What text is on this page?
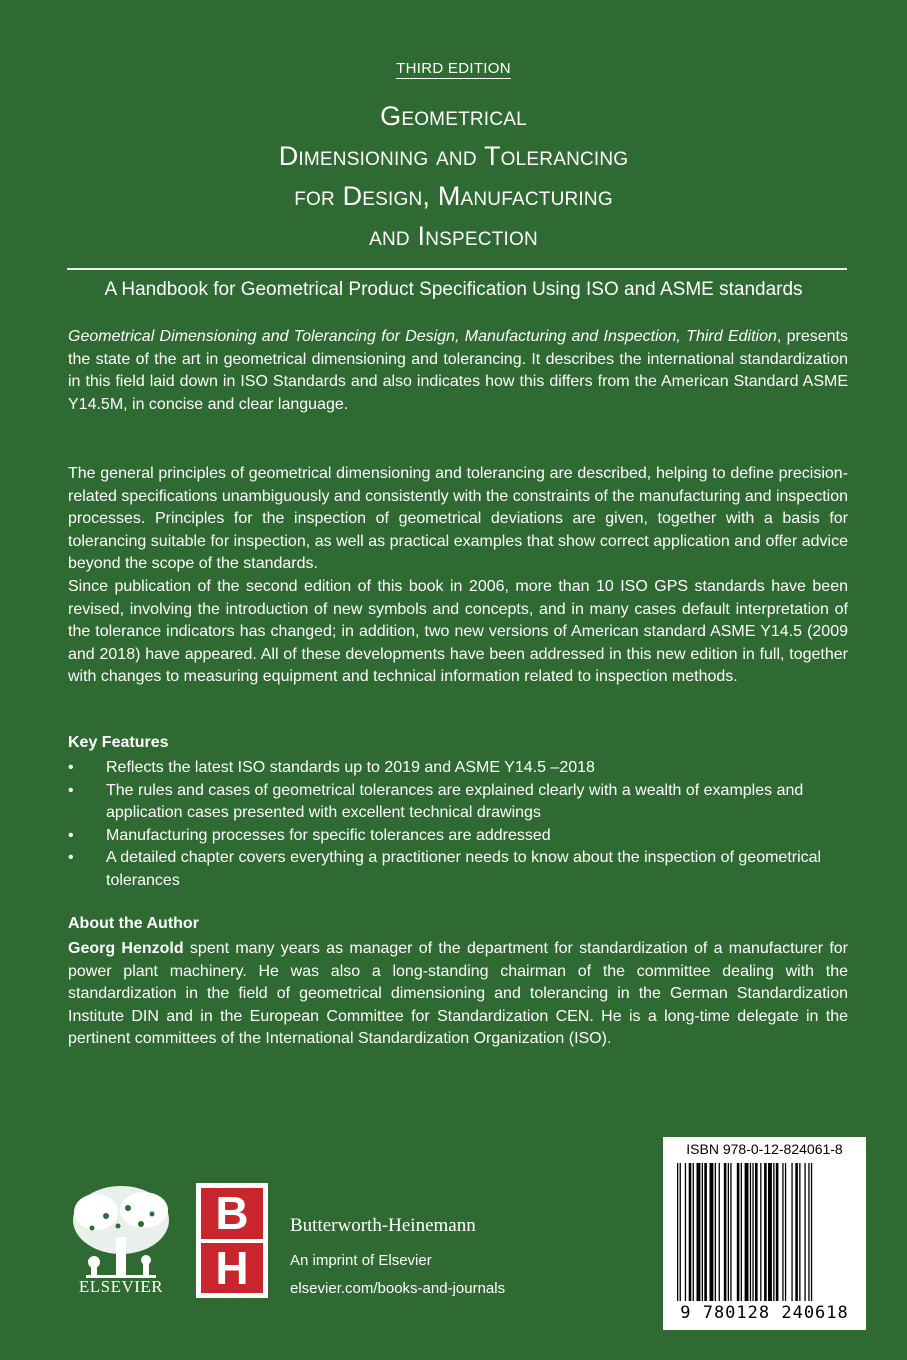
THIRD EDITION
Geometrical
Dimensioning and Tolerancing
for Design, Manufacturing
and Inspection
A Handbook for Geometrical Product Specification Using ISO and ASME standards
Geometrical Dimensioning and Tolerancing for Design, Manufacturing and Inspection, Third Edition, presents the state of the art in geometrical dimensioning and tolerancing. It describes the international standardization in this field laid down in ISO Standards and also indicates how this differs from the American Standard ASME Y14.5M, in concise and clear language.
The general principles of geometrical dimensioning and tolerancing are described, helping to define precision-related specifications unambiguously and consistently with the constraints of the manufacturing and inspection processes. Principles for the inspection of geometrical deviations are given, together with a basis for tolerancing suitable for inspection, as well as practical examples that show correct application and offer advice beyond the scope of the standards.
Since publication of the second edition of this book in 2006, more than 10 ISO GPS standards have been revised, involving the introduction of new symbols and concepts, and in many cases default interpretation of the tolerance indicators has changed; in addition, two new versions of American standard ASME Y14.5 (2009 and 2018) have appeared. All of these developments have been addressed in this new edition in full, together with changes to measuring equipment and technical information related to inspection methods.
Key Features
• Reflects the latest ISO standards up to 2019 and ASME Y14.5 –2018
• The rules and cases of geometrical tolerances are explained clearly with a wealth of examples and application cases presented with excellent technical drawings
• Manufacturing processes for specific tolerances are addressed
• A detailed chapter covers everything a practitioner needs to know about the inspection of geometrical tolerances
About the Author
Georg Henzold spent many years as manager of the department for standardization of a manufacturer for power plant machinery. He was also a long-standing chairman of the committee dealing with the standardization in the field of geometrical dimensioning and tolerancing in the German Standardization Institute DIN and in the European Committee for Standardization CEN. He is a long-time delegate in the pertinent committees of the International Standardization Organization (ISO).
ELSEVIER
B
H
Butterworth-Heinemann
An imprint of Elsevier
elsevier.com/books-and-journals
ISBN 978-0-12-824061-8
9 780128 240618
